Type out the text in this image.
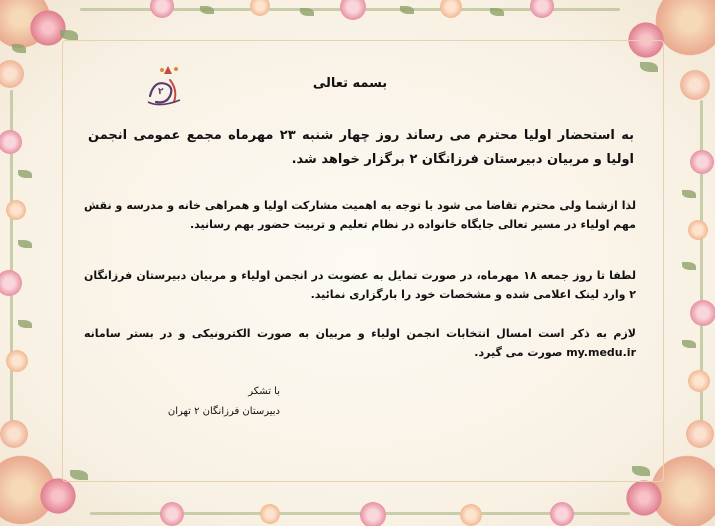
۲
بسمه تعالی
به استحضار اولیا محترم می رساند روز چهار شنبه ۲۳ مهرماه مجمع عمومی انجمن اولیا و مربیان دبیرستان فرزانگان ۲ برگزار خواهد شد.
لذا ازشما ولی محترم تقاضا می شود با توجه به اهمیت مشارکت اولیا و همراهی خانه و مدرسه و نقش مهم اولیاء در مسیر تعالی جایگاه خانواده در نظام تعلیم و تربیت حضور بهم رسانید.
لطفا تا روز جمعه ۱۸ مهرماه، در صورت تمایل به عضویت در انجمن اولیاء و مربیان دبیرستان فرزانگان ۲ وارد لینک اعلامی شده و مشخصات خود را بارگزاری نمائید.
لازم به ذکر است امسال انتخابات انجمن اولیاء و مربیان به صورت الکترونیکی و در بستر سامانه my.medu.ir صورت می گیرد.
با تشکر
دبیرستان فرزانگان ۲ تهران
